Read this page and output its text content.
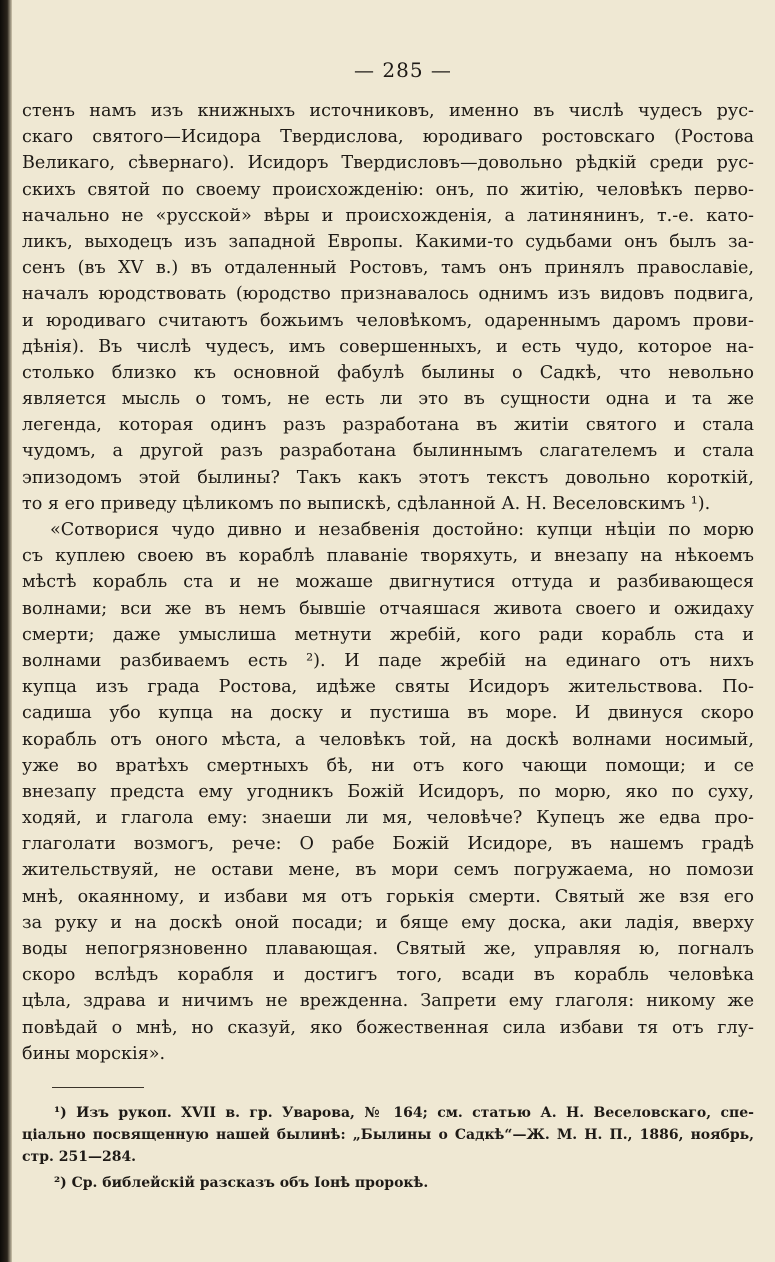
— 285 —
стенъ намъ изъ книжныхъ источниковъ, именно въ числѣ чудесъ рус-
скаго святого—Исидора Твердислова, юродиваго ростовскаго (Ростова
Великаго, сѣвернаго). Исидоръ Твердисловъ—довольно рѣдкій среди рус-
скихъ святой по своему происхожденію: онъ, по житію, человѣкъ перво-
начально не «русской» вѣры и происхожденія, а латинянинъ, т.-е. като-
ликъ, выходецъ изъ западной Европы. Какими-то судьбами онъ былъ за-
сенъ (въ XV в.) въ отдаленный Ростовъ, тамъ онъ принялъ православіе,
началъ юродствовать (юродство признавалось однимъ изъ видовъ подвига,
и юродиваго считаютъ божьимъ человѣкомъ, одареннымъ даромъ прови-
дѣнія). Въ числѣ чудесъ, имъ совершенныхъ, и есть чудо, которое на-
столько близко къ основной фабулѣ былины о Садкѣ, что невольно
является мысль о томъ, не есть ли это въ сущности одна и та же
легенда, которая одинъ разъ разработана въ житіи святого и стала
чудомъ, а другой разъ разработана былиннымъ слагателемъ и стала
эпизодомъ этой былины? Такъ какъ этотъ текстъ довольно короткій,
то я его приведу цѣликомъ по выпискѣ, сдѣланной А. Н. Веселовскимъ ¹).
«Сотворися чудо дивно и незабвенія достойно: купци нѣціи по морю
съ куплею своею въ кораблѣ плаваніе творяхуть, и внезапу на нѣкоемъ
мѣстѣ корабль ста и не можаше двигнутися оттуда и разбивающеся
волнами; вси же въ немъ бывшіе отчаяшася живота своего и ожидаху
смерти; даже умыслиша метнути жребій, кого ради корабль ста и
волнами разбиваемъ есть ²). И паде жребій на единаго отъ нихъ
купца изъ града Ростова, идѣже святы Исидоръ жительствова. По-
садиша убо купца на доску и пустиша въ море. И двинуся скоро
корабль отъ оного мѣста, а человѣкъ той, на доскѣ волнами носимый,
уже во вратѣхъ смертныхъ бѣ, ни отъ кого чающи помощи; и се
внезапу предста ему угодникъ Божій Исидоръ, по морю, яко по суху,
ходяй, и глагола ему: знаеши ли мя, человѣче? Купецъ же едва про-
глаголати возмогъ, рече: О рабе Божій Исидоре, въ нашемъ градѣ
жительствуяй, не остави мене, въ мори семъ погружаема, но помози
мнѣ, окаянному, и избави мя отъ горькія смерти. Святый же взя его
за руку и на доскѣ оной посади; и бяще ему доска, аки ладія, вверху
воды непогрязновенно плавающая. Святый же, управляя ю, погналъ
скоро вслѣдъ корабля и достигъ того, всади въ корабль человѣка
цѣла, здрава и ничимъ не врежденна. Запрети ему глаголя: никому же
повѣдай о мнѣ, но сказуй, яко божественная сила избави тя отъ глу-
бины морскія».
¹) Изъ рукоп. XVII в. гр. Уварова, № 164; см. статью А. Н. Веселовскаго, спе-
ціально посвященную нашей былинѣ: „Былины о Садкѣ“—Ж. М. Н. П., 1886, ноябрь,
стр. 251—284.
²) Ср. библейскій разсказъ объ Іонѣ пророкѣ.
